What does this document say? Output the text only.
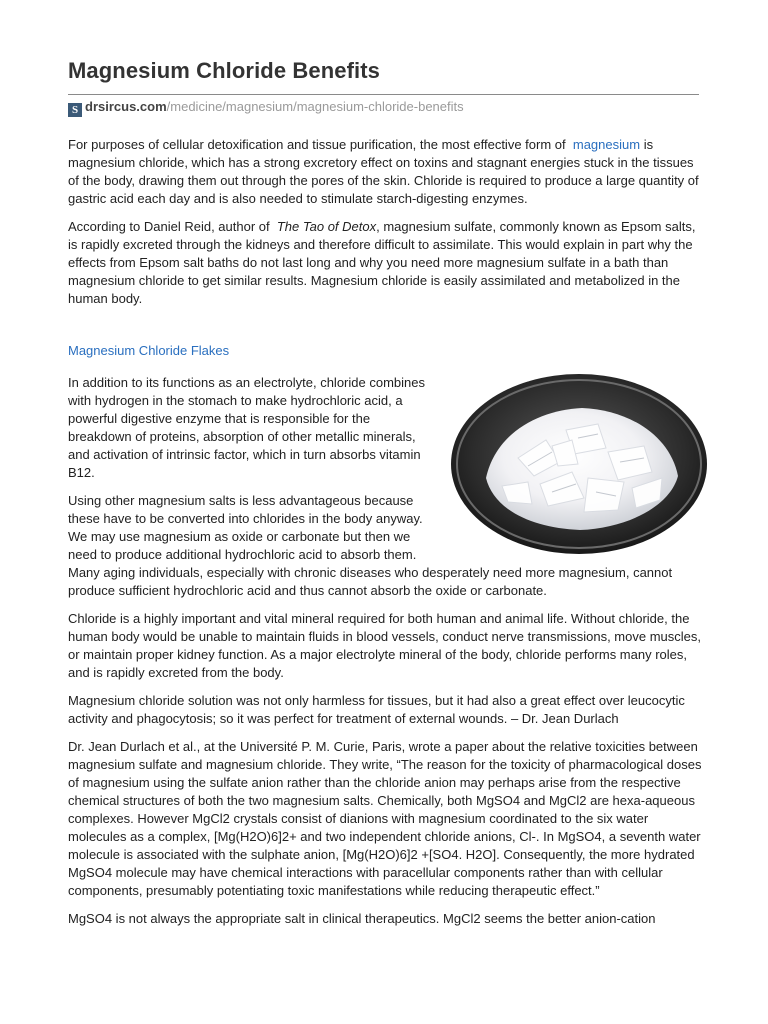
Magnesium Chloride Benefits
S drsircus.com/medicine/magnesium/magnesium-chloride-benefits

For purposes of cellular detoxification and tissue purification, the most effective form of magnesium is magnesium chloride, which has a strong excretory effect on toxins and stagnant energies stuck in the tissues of the body, drawing them out through the pores of the skin. Chloride is required to produce a large quantity of gastric acid each day and is also needed to stimulate starch-digesting enzymes.

According to Daniel Reid, author of The Tao of Detox, magnesium sulfate, commonly known as Epsom salts, is rapidly excreted through the kidneys and therefore difficult to assimilate. This would explain in part why the effects from Epsom salt baths do not last long and why you need more magnesium sulfate in a bath than magnesium chloride to get similar results. Magnesium chloride is easily assimilated and metabolized in the human body.

Magnesium Chloride Flakes

In addition to its functions as an electrolyte, chloride combines with hydrogen in the stomach to make hydrochloric acid, a powerful digestive enzyme that is responsible for the breakdown of proteins, absorption of other metallic minerals, and activation of intrinsic factor, which in turn absorbs vitamin B12.

Using other magnesium salts is less advantageous because these have to be converted into chlorides in the body anyway. We may use magnesium as oxide or carbonate but then we need to produce additional hydrochloric acid to absorb them. Many aging individuals, especially with chronic diseases who desperately need more magnesium, cannot produce sufficient hydrochloric acid and thus cannot absorb the oxide or carbonate.

Chloride is a highly important and vital mineral required for both human and animal life. Without chloride, the human body would be unable to maintain fluids in blood vessels, conduct nerve transmissions, move muscles, or maintain proper kidney function. As a major electrolyte mineral of the body, chloride performs many roles, and is rapidly excreted from the body.

Magnesium chloride solution was not only harmless for tissues, but it had also a great effect over leucocytic activity and phagocytosis; so it was perfect for treatment of external wounds. – Dr. Jean Durlach

Dr. Jean Durlach et al., at the Université P. M. Curie, Paris, wrote a paper about the relative toxicities between magnesium sulfate and magnesium chloride. They write, “The reason for the toxicity of pharmacological doses of magnesium using the sulfate anion rather than the chloride anion may perhaps arise from the respective chemical structures of both the two magnesium salts. Chemically, both MgSO4 and MgCl2 are hexa-aqueous complexes. However MgCl2 crystals consist of dianions with magnesium coordinated to the six water molecules as a complex, [Mg(H2O)6]2+ and two independent chloride anions, Cl-. In MgSO4, a seventh water molecule is associated with the sulphate anion, [Mg(H2O)6]2 +[SO4. H2O]. Consequently, the more hydrated MgSO4 molecule may have chemical interactions with paracellular components rather than with cellular components, presumably potentiating toxic manifestations while reducing therapeutic effect.”

MgSO4 is not always the appropriate salt in clinical therapeutics. MgCl2 seems the better anion-cation
